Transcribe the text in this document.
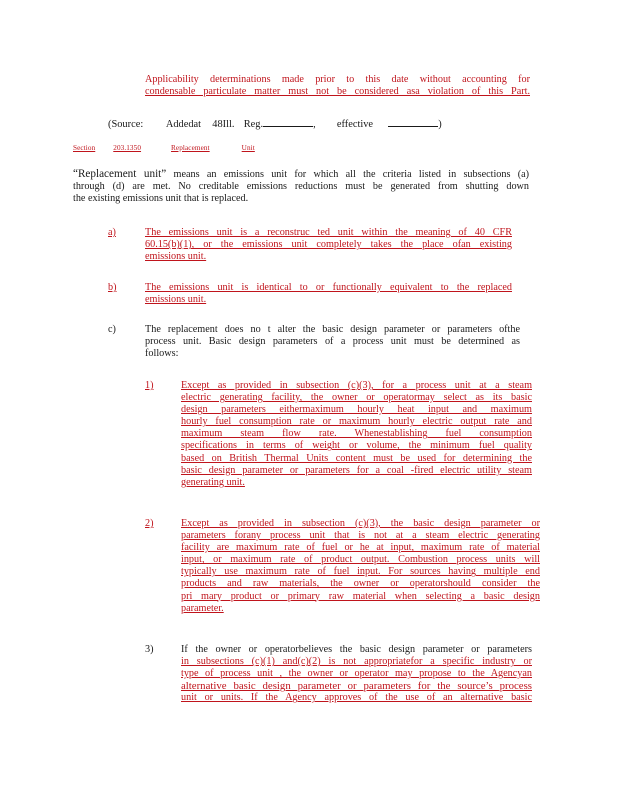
Applicability determinations made prior to this date without accounting for
condensable particulate matter must not be considered asa violation of this Part.
(Source: Addedat 48Ill. Reg.	, effective	)
Section	203.1350	Replacement	Unit
“Replacement unit” means an emissions unit for which all the criteria listed in subsections (a)
through (d) are met. No creditable emissions reductions must be generated from shutting down
the existing emissions unit that is replaced.
a)	The emissions unit is a reconstruc ted unit within the meaning of 40 CFR
60.15(b)(1), or the emissions unit completely takes the place ofan existing
emissions unit.
b)	The emissions unit is identical to or functionally equivalent to the replaced
emissions unit.
c)	The replacement does no t alter the basic design parameter or parameters ofthe
process unit. Basic design parameters of a process unit must be determined as
follows:
1)	Except as provided in subsection (c)(3), for a process unit at a steam
electric generating facility, the owner or operatormay select as its basic
design parameters eithermaximum hourly heat input and maximum
hourly fuel consumption rate or maximum hourly electric output rate and
maximum steam flow rate. Whenestablishing fuel consumption
specifications in terms of weight or volume, the minimum fuel quality
based on British Thermal Units content must be used for determining the
basic design parameter or parameters for a coal -fired electric utility steam
generating unit.
2)	Except as provided in subsection (c)(3), the basic design parameter or
parameters forany process unit that is not at a steam electric generating
facility are maximum rate of fuel or he at input, maximum rate of material
input, or maximum rate of product output. Combustion process units will
typically use maximum rate of fuel input. For sources having multiple end
products and raw materials, the owner or operatorshould consider the
pri mary product or primary raw material when selecting a basic design
parameter.
3)	If the owner or operatorbelieves the basic design parameter or parameters
in subsections (c)(1) and(c)(2) is not appropriatefor a specific industry or
type of process unit , the owner or operator may propose to the Agencyan
alternative basic design parameter or parameters for the source’s process
unit or units. If the Agency approves of the use of an alternative basic
